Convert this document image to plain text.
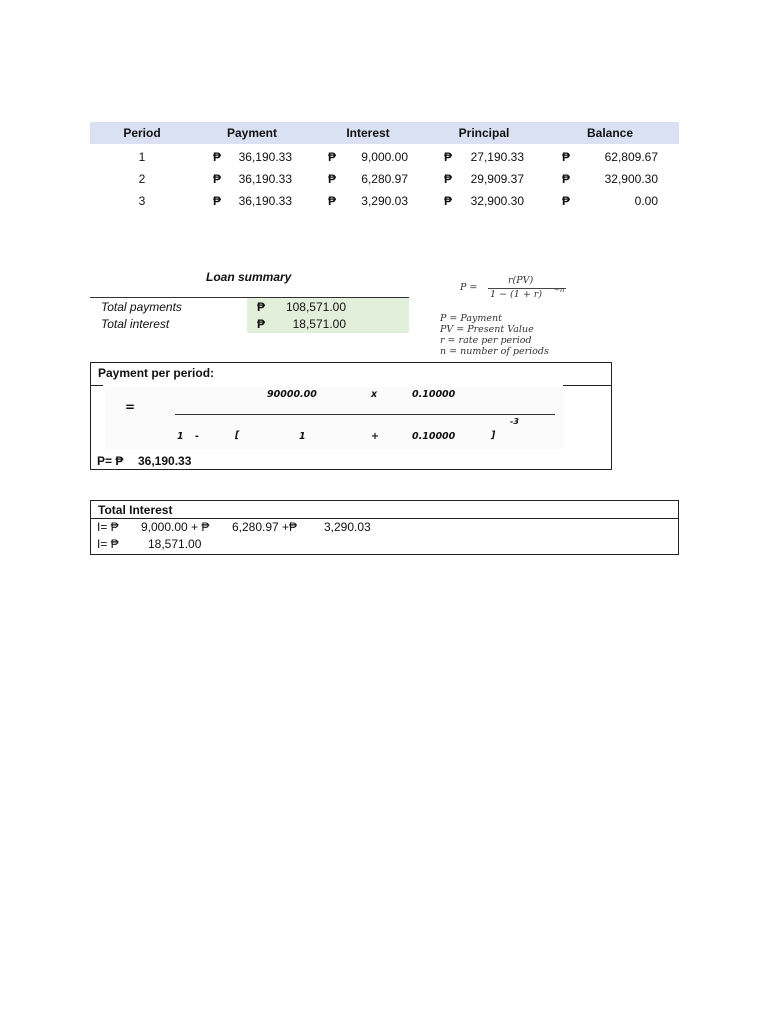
Period	Payment	Interest	Principal	Balance
1	₱	36,190.33	₱	9,000.00	₱	27,190.33	₱	62,809.67
2	₱	36,190.33	₱	6,280.97	₱	29,909.37	₱	32,900.30
3	₱	36,190.33	₱	3,290.03	₱	32,900.30	₱	0.00
Loan summary
Total payments	₱	108,571.00
Total interest	₱	18,571.00
P =
r(PV)
1 − (1 + r) −n
P = Payment
PV = Present Value
r = rate per period
n = number of periods
Payment per period:
=
90000.00	x	0.10000
-3
1 -	[	1	+	0.10000	]
P= ₱ 36,190.33
Total Interest
I= ₱ 9,000.00 + ₱ 6,280.97 +₱ 3,290.03
I= ₱ 18,571.00
